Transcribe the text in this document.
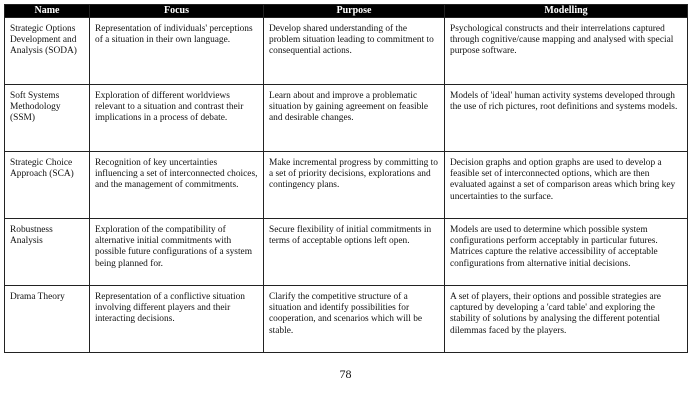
Name	Focus	Purpose	Modelling
Strategic Options Development and Analysis (SODA)	Representation of individuals' perceptions of a situation in their own language.	Develop shared understanding of the problem situation leading to commitment to consequential actions.	Psychological constructs and their interrelations captured through cognitive/cause mapping and analysed with special purpose software.
Soft Systems Methodology (SSM)	Exploration of different worldviews relevant to a situation and contrast their implications in a process of debate.	Learn about and improve a problematic situation by gaining agreement on feasible and desirable changes.	Models of 'ideal' human activity systems developed through the use of rich pictures, root definitions and systems models.
Strategic Choice Approach (SCA)	Recognition of key uncertainties influencing a set of interconnected choices, and the management of commitments.	Make incremental progress by committing to a set of priority decisions, explorations and contingency plans.	Decision graphs and option graphs are used to develop a feasible set of interconnected options, which are then evaluated against a set of comparison areas which bring key uncertainties to the surface.
Robustness Analysis	Exploration of the compatibility of alternative initial commitments with possible future configurations of a system being planned for.	Secure flexibility of initial commitments in terms of acceptable options left open.	Models are used to determine which possible system configurations perform acceptably in particular futures. Matrices capture the relative accessibility of acceptable configurations from alternative initial decisions.
Drama Theory	Representation of a conflictive situation involving different players and their interacting decisions.	Clarify the competitive structure of a situation and identify possibilities for cooperation, and scenarios which will be stable.	A set of players, their options and possible strategies are captured by developing a 'card table' and exploring the stability of solutions by analysing the different potential dilemmas faced by the players.
78
